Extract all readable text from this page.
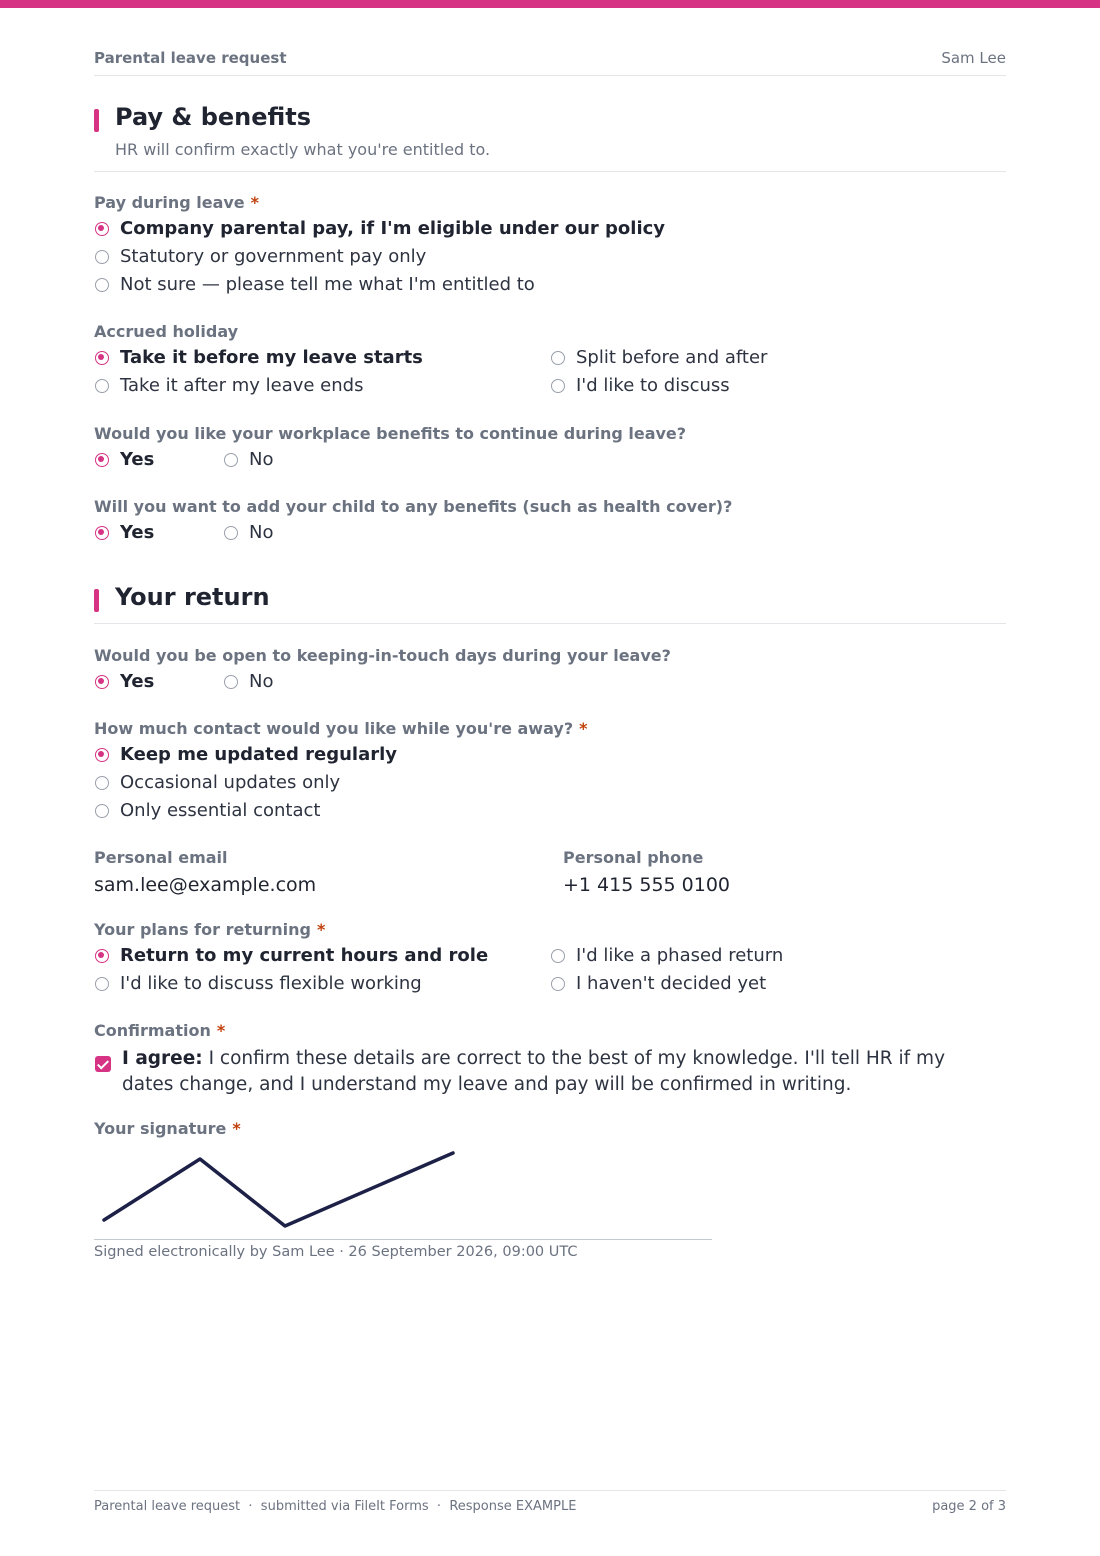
Parental leave request	Sam Lee
Pay & benefits
HR will confirm exactly what you're entitled to.
Pay during leave *
Company parental pay, if I'm eligible under our policy
Statutory or government pay only
Not sure — please tell me what I'm entitled to
Accrued holiday
Take it before my leave starts
Take it after my leave ends
Split before and after
I'd like to discuss
Would you like your workplace benefits to continue during leave?
Yes	No
Will you want to add your child to any benefits (such as health cover)?
Yes	No
Your return
Would you be open to keeping-in-touch days during your leave?
Yes	No
How much contact would you like while you're away? *
Keep me updated regularly
Occasional updates only
Only essential contact
Personal email
sam.lee@example.com
Personal phone
+1 415 555 0100
Your plans for returning *
Return to my current hours and role
I'd like to discuss flexible working
I'd like a phased return
I haven't decided yet
Confirmation *
I agree: I confirm these details are correct to the best of my knowledge. I'll tell HR if my dates change, and I understand my leave and pay will be confirmed in writing.
Your signature *
Signed electronically by Sam Lee · 26 September 2026, 09:00 UTC
Parental leave request  ·  submitted via FileIt Forms  ·  Response EXAMPLE	page 2 of 3
